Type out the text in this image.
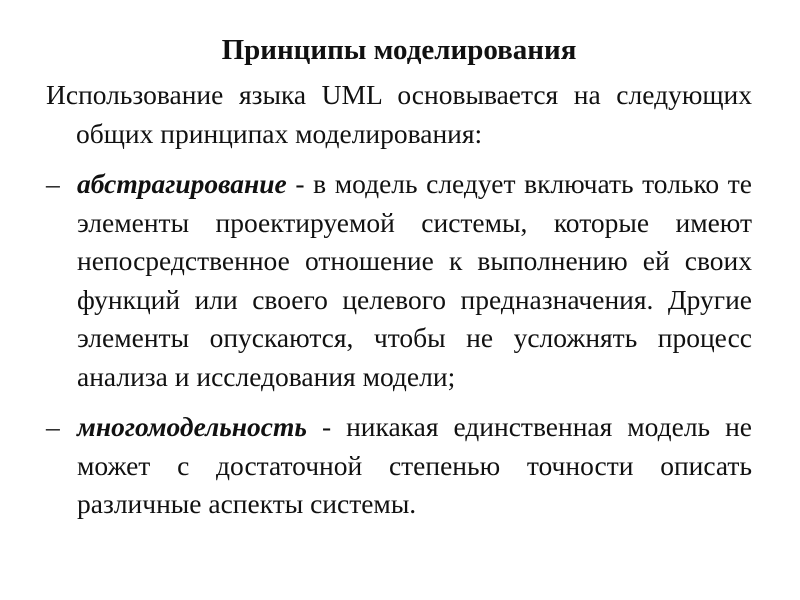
Принципы моделирования

Использование языка UML основывается на следующих общих принципах моделирования:

– абстрагирование - в модель следует включать только те элементы проектируемой системы, которые имеют непосредственное отношение к выполнению ей своих функций или своего целевого предназначения. Другие элементы опускаются, чтобы не усложнять процесс анализа и исследования модели;
– многомодельность - никакая единственная модель не может с достаточной степенью точности описать различные аспекты системы.
